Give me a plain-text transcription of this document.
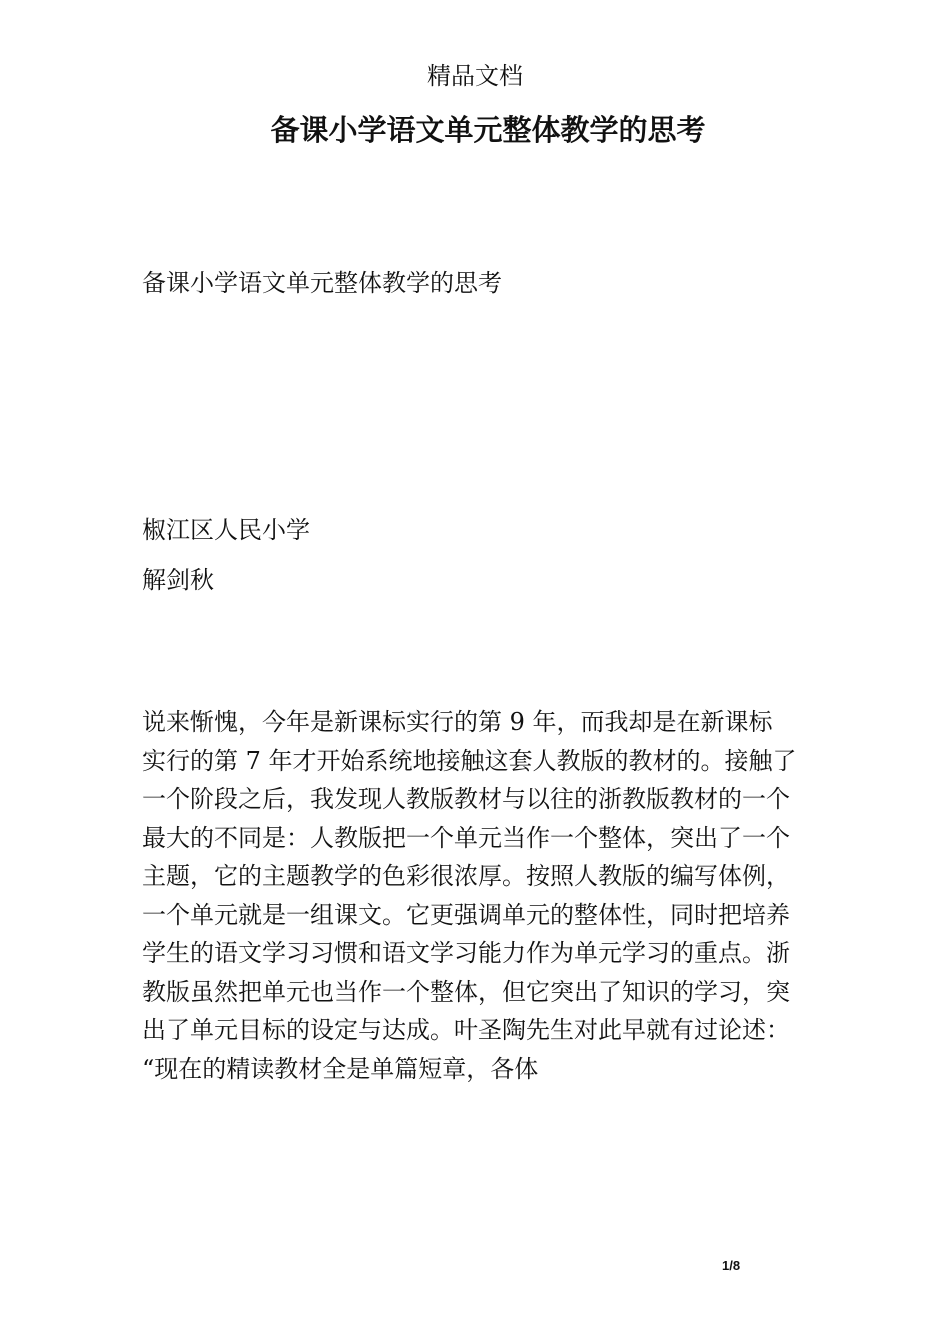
精品文档
备课小学语文单元整体教学的思考
备课小学语文单元整体教学的思考
椒江区人民小学
解剑秋
说来惭愧，今年是新课标实行的第 9 年，而我却是在新课标
实行的第 7 年才开始系统地接触这套人教版的教材的。接触了
一个阶段之后，我发现人教版教材与以往的浙教版教材的一个
最大的不同是：人教版把一个单元当作一个整体，突出了一个
主题，它的主题教学的色彩很浓厚。按照人教版的编写体例，
一个单元就是一组课文。它更强调单元的整体性，同时把培养
学生的语文学习习惯和语文学习能力作为单元学习的重点。浙
教版虽然把单元也当作一个整体，但它突出了知识的学习，突
出了单元目标的设定与达成。叶圣陶先生对此早就有过论述：
“现在的精读教材全是单篇短章，各体
1/8
